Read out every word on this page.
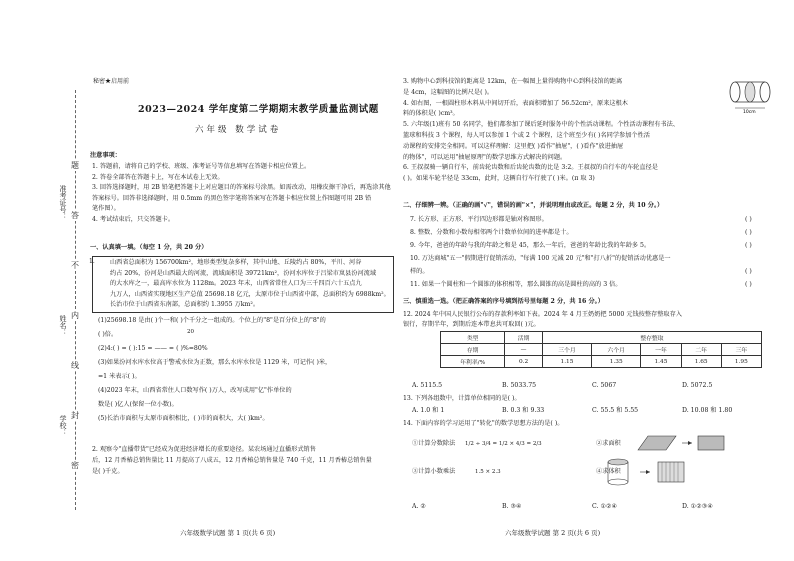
准考证号：
姓名：
学校：
题
答
不
内
线
封
密
秘密★启用前
2023—2024 学年度第二学期期末教学质量监测试题
六年级 数学试卷
注意事项：
1. 答题前，请将自己的学校、班级、准考证号等信息填写在答题卡相应位置上。
2. 答卷全部答在答题卡上，写在本试卷上无效。
3. 回答选择题时，用 2B 铅笔把答题卡上对应题目的答案标号涂黑。如需改动，用橡皮擦干净后，再选涂其他
答案标号。回答非选择题时，用 0.5mm 的黑色签字笔将答案写在答题卡相应位置上作图题可用 2B 铅
笔作图）。
4. 考试结束后，只交答题卡。
一、认真填一填。（每空 1 分，共 20 分）
1. 山西省总面积为 156700km²，地形类型复杂多样，其中山地、丘陵约占 80%，平川、河谷
约占 20%，汾河是山西最大的河流，流域面积是 39721km²，汾河水库位于吕梁市岚县汾河流域
的大水库之一，最高库水位为 1128m。2023 年末，山西省常住人口为三千四百六十五点九
九万人，山西省实现地区生产总值 25698.18 亿元，太原市位于山西省中部，总面积约为 6988km²。
长治市位于山西省东南部，总面积约 1.3955 万km²。
(1)25698.18 是由( )个一和( )个千分之一组成的。个位上的"8"是百分位上的"8"的
( )倍。
(2)4:( ) = ( ):15 = —— = ( )%=80%
(3)如果汾河水库水位高于警戒水位为正数，那么水库水位是 1129 米，可记作( )米，
=1 米表示( )。
(4)2023 年末，山西省常住人口数写作( )万人，改写成用"亿"作单位的
数是( )亿人(保留一位小数)。
(5)长治市面积与太原市面积相比，( )市的面积大，大( )km²。
20
2. 观察今"直播带货"已经成为促进经济增长的重要途径。某农场通过直播形式销售
后，12 月香椿总销售量比 11 月提高了八成五，12 月香椿总销售量是 740 千克，11 月香椿总销售量
是( )千克。
六年级数学试题 第 1 页(共 6 页)
3. 购物中心到科技馆的距离是 12km，在一幅图上量得购物中心到科技馆的距离
是 4cm，这幅图的比例尺是( )。
4. 如右图，一根圆柱形木料从中间切开后，表面积增加了 56.52cm²，原来这根木
料的体积是( )cm³。
5. 六年级(1)班有 50 名同学，他们都参加了课后延时服务中的个性活动课程。个性活动课程有书法、
篮球和科技 3 个课程，每人可以参加 1 个或 2 个课程，这个班至少有( )名同学参加个性活
动课程的安排完全相同。可以这样理解：这里把( )看作"抽屉"，( )看作"放进抽屉
的物体"，可以运用"抽屉原理"的数学思维方式解决的问题。
6. 王叔叔骑一辆自行车，前齿轮齿数和后齿轮齿数的比是 3:2。王叔叔的自行车的车轮直径是
( )。如果车轮半径是 33cm，此时，这辆自行车行驶了( )米。(π 取 3)
10cm
二、仔细辨一辨。（正确的画"√"，错误的画"×"，并说明理由或改正。每题 2 分，共 10 分。）
7. 长方形、正方形、平行四边形都是轴对称图形。
8. 整数、分数和小数每相邻两个计数单位间的进率都是十。
9. 今年，爸爸的年龄与我的年龄之和是 45，那么一年后，爸爸的年龄比我的年龄多 5。
10. 万达商城"五一"假期进行促销活动，"每满 100 元减 20 元"和"打八折"的促销活动优惠是一
样的。
11. 如果一个圆柱和一个圆锥的体积相等，那么圆锥的高是圆柱的高的 3 倍。
( )
( )
( )
( )
( )
三、慎重选一选。（把正确答案的序号填到括号里每题 2 分，共 16 分。）
12. 2024 年中国人民银行公布的存款利率如下表。2024 年 4 月王奶奶把 5000 元钱按整存整取存入
银行，存期半年，到期后连本带息共可取回( )元。
类型	活期	整存整取				
存期	—	三个月	六个月	一年	二年	三年
年利率/%	0.2	1.15	1.35	1.45	1.65	1.95
A. 5115.5	B. 5033.75	C. 5067	D. 5072.5
13. 下列各组数中，计算单位相同的是( )。
A. 1.0 和 1	B. 0.3 和 9.33	C. 55.5 和 5.55	D. 10.08 和 1.80
14. 下面内容的学习运用了"转化"的数学思想方法的是( )。
①计算分数除法 1/2 ÷ 3/4 = 1/2 × 4/3 = 2/3
③计算小数乘法	1.5 × 2.3
②求面积
④求体积
A. ②	B. ③④	C. ①②④	D. ①②③④
六年级数学试题 第 2 页(共 6 页)
